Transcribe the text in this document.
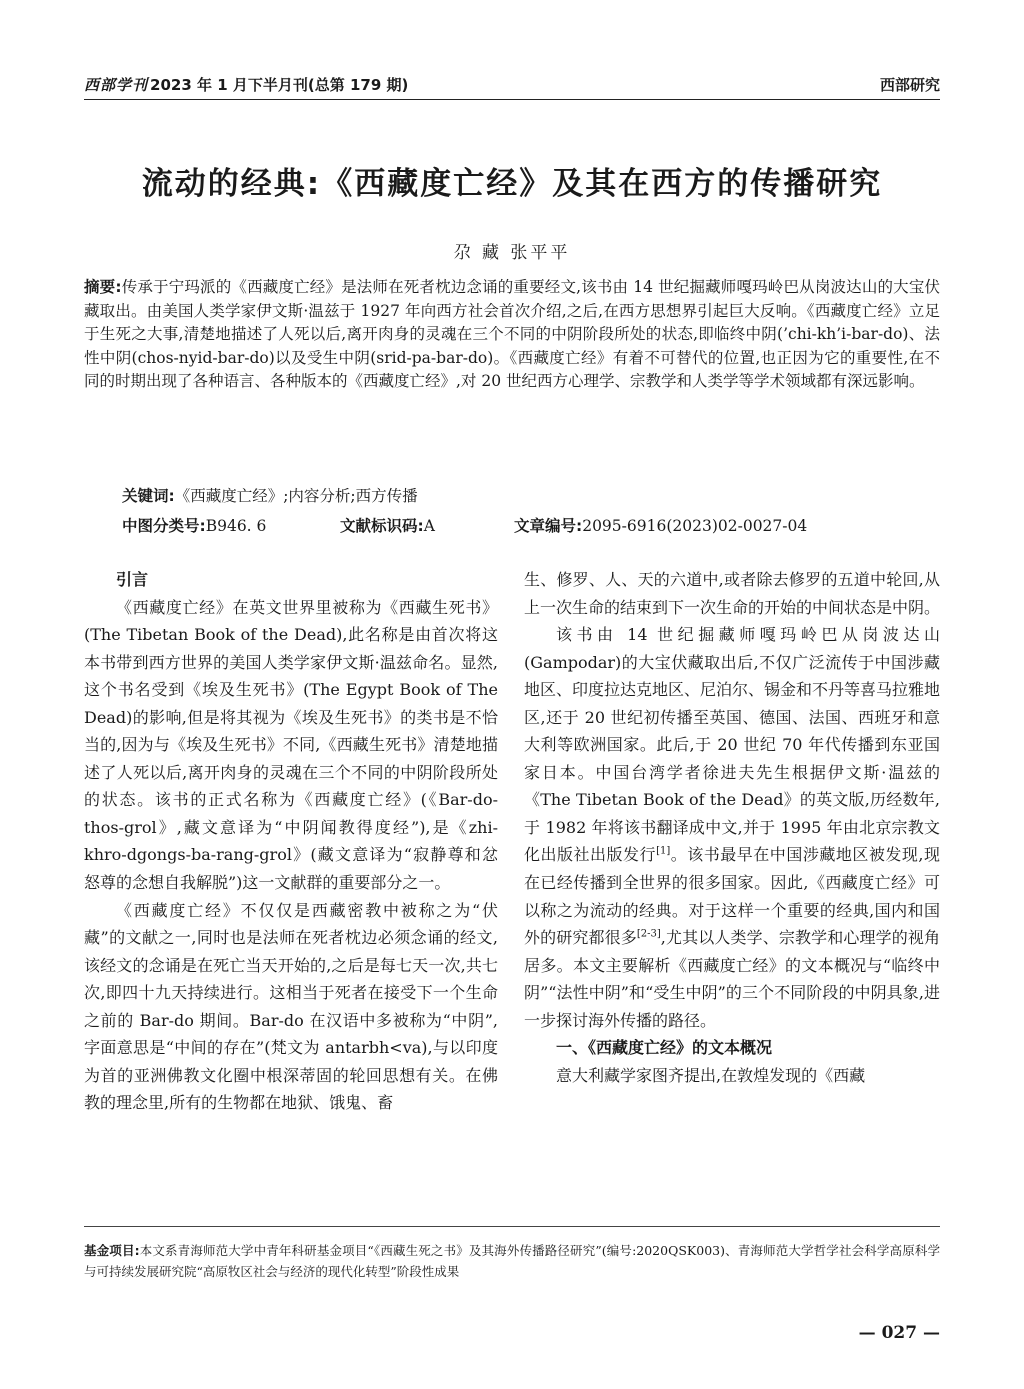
西部学刊 2023 年 1 月下半月刊(总第 179 期)	西部研究
流动的经典:《西藏度亡经》及其在西方的传播研究
尕 藏 张平平
摘要:传承于宁玛派的《西藏度亡经》是法师在死者枕边念诵的重要经文,该书由 14 世纪掘藏师嘎玛岭巴从岗波达山的大宝伏藏取出。由美国人类学家伊文斯·温兹于 1927 年向西方社会首次介绍,之后,在西方思想界引起巨大反响。《西藏度亡经》立足于生死之大事,清楚地描述了人死以后,离开肉身的灵魂在三个不同的中阴阶段所处的状态,即临终中阴(’chi-kh’i-bar-do)、法性中阴(chos-nyid-bar-do)以及受生中阴(srid-pa-bar-do)。《西藏度亡经》有着不可替代的位置,也正因为它的重要性,在不同的时期出现了各种语言、各种版本的《西藏度亡经》,对 20 世纪西方心理学、宗教学和人类学等学术领域都有深远影响。
关键词:《西藏度亡经》;内容分析;西方传播
中图分类号:B946. 6	文献标识码:A	文章编号:2095-6916(2023)02-0027-04

引言

《西藏度亡经》在英文世界里被称为《西藏生死书》(The Tibetan Book of the Dead),此名称是由首次将这本书带到西方世界的美国人类学家伊文斯·温兹命名。显然,这个书名受到《埃及生死书》(The Egypt Book of The Dead)的影响,但是将其视为《埃及生死书》的类书是不恰当的,因为与《埃及生死书》不同,《西藏生死书》清楚地描述了人死以后,离开肉身的灵魂在三个不同的中阴阶段所处的状态。该书的正式名称为《西藏度亡经》(《Bar-do-thos-grol》,藏文意译为“中阴闻教得度经”),是《zhi-khro-dgongs-ba-rang-grol》(藏文意译为“寂静尊和忿怒尊的念想自我解脱”)这一文献群的重要部分之一。

《西藏度亡经》不仅仅是西藏密教中被称之为“伏藏”的文献之一,同时也是法师在死者枕边必须念诵的经文,该经文的念诵是在死亡当天开始的,之后是每七天一次,共七次,即四十九天持续进行。这相当于死者在接受下一个生命之前的 Bar-do 期间。Bar-do 在汉语中多被称为“中阴”,字面意思是“中间的存在”(梵文为 antarbh<va),与以印度为首的亚洲佛教文化圈中根深蒂固的轮回思想有关。在佛教的理念里,所有的生物都在地狱、饿鬼、畜

生、修罗、人、天的六道中,或者除去修罗的五道中轮回,从上一次生命的结束到下一次生命的开始的中间状态是中阴。

该书由 14 世纪掘藏师嘎玛岭巴从岗波达山(Gampodar)的大宝伏藏取出后,不仅广泛流传于中国涉藏地区、印度拉达克地区、尼泊尔、锡金和不丹等喜马拉雅地区,还于 20 世纪初传播至英国、德国、法国、西班牙和意大利等欧洲国家。此后,于 20 世纪 70 年代传播到东亚国家日本。中国台湾学者徐进夫先生根据伊文斯·温兹的《The Tibetan Book of the Dead》的英文版,历经数年,于 1982 年将该书翻译成中文,并于 1995 年由北京宗教文化出版社出版发行[1]。该书最早在中国涉藏地区被发现,现在已经传播到全世界的很多国家。因此,《西藏度亡经》可以称之为流动的经典。对于这样一个重要的经典,国内和国外的研究都很多[2-3],尤其以人类学、宗教学和心理学的视角居多。本文主要解析《西藏度亡经》的文本概况与“临终中阴”“法性中阴”和“受生中阴”的三个不同阶段的中阴具象,进一步探讨海外传播的路径。

一、《西藏度亡经》的文本概况

意大利藏学家图齐提出,在敦煌发现的《西藏

基金项目:本文系青海师范大学中青年科研基金项目“《西藏生死之书》及其海外传播路径研究”(编号:2020QSK003)、青海师范大学哲学社会科学高原科学与可持续发展研究院“高原牧区社会与经济的现代化转型”阶段性成果
— 027 —
